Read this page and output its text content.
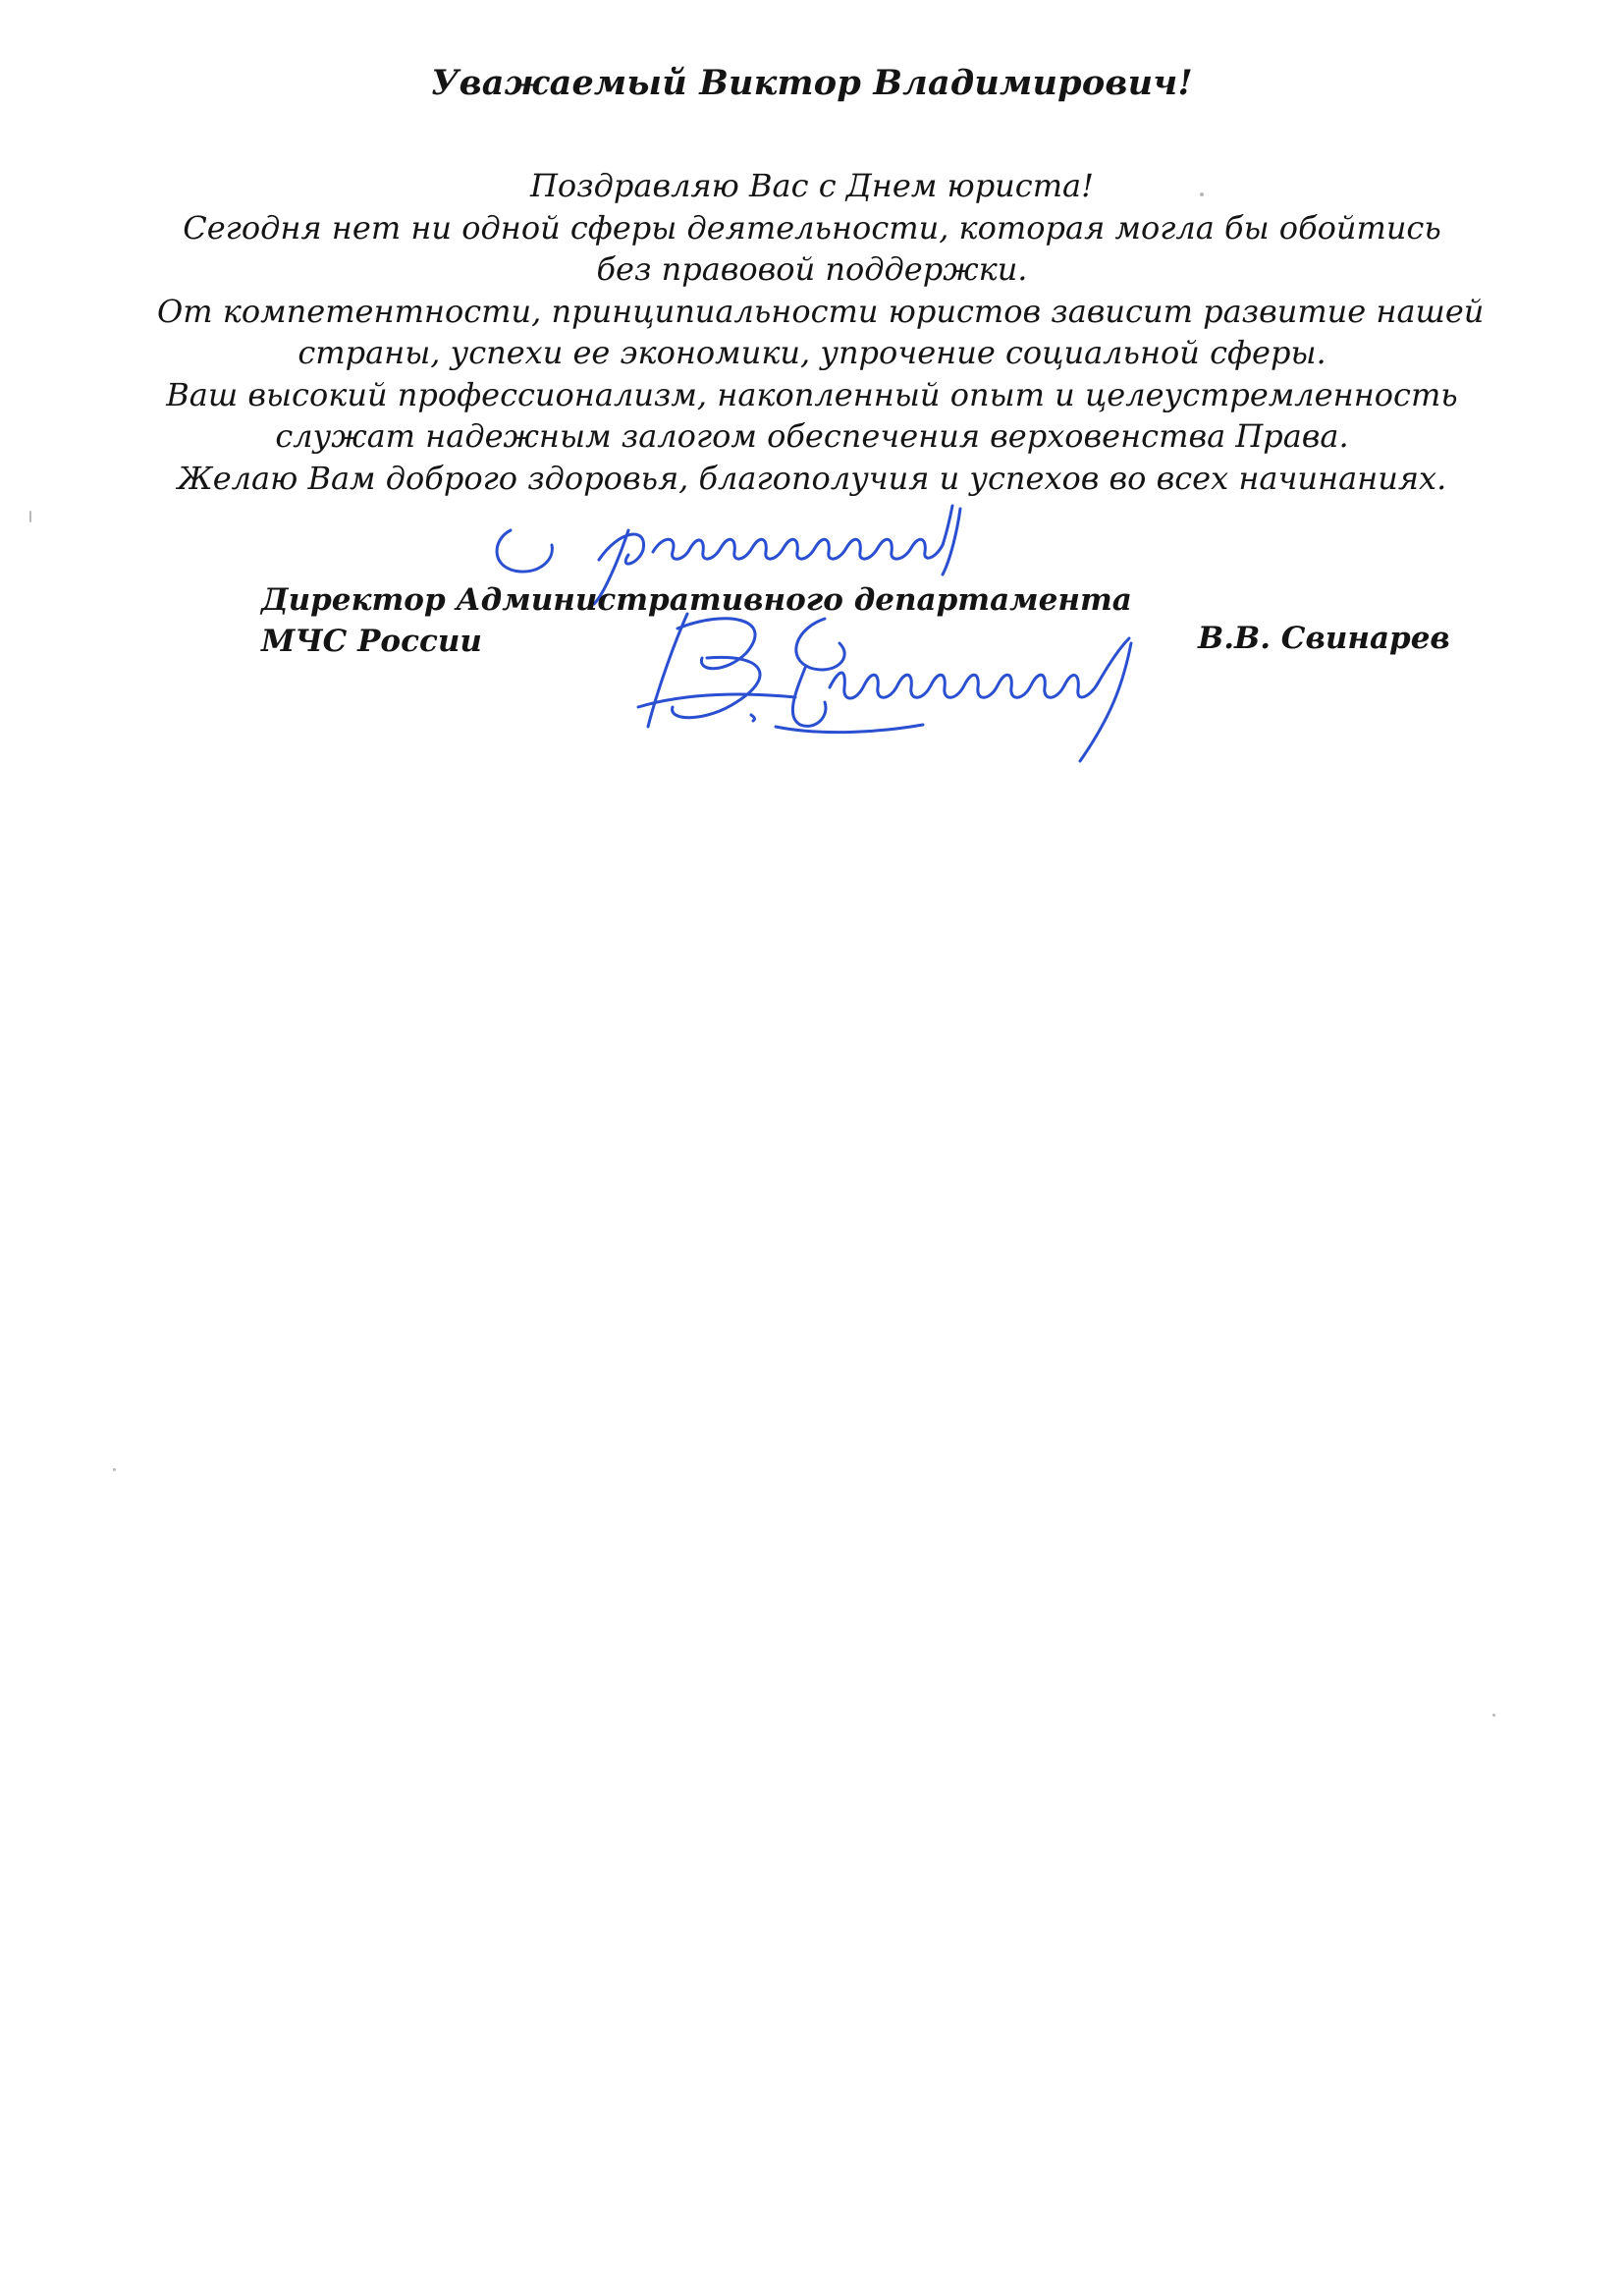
Уважаемый Виктор Владимирович!
Поздравляю Вас с Днем юриста!
Сегодня нет ни одной сферы деятельности, которая могла бы обойтись
без правовой поддержки.
От компетентности, принципиальности юристов зависит развитие нашей
страны, успехи ее экономики, упрочение социальной сферы.
Ваш высокий профессионализм, накопленный опыт и целеустремленность
служат надежным залогом обеспечения верховенства Права.
Желаю Вам доброго здоровья, благополучия и успехов во всех начинаниях.
Директор Административного департамента
МЧС России	В.В. Свинарев
